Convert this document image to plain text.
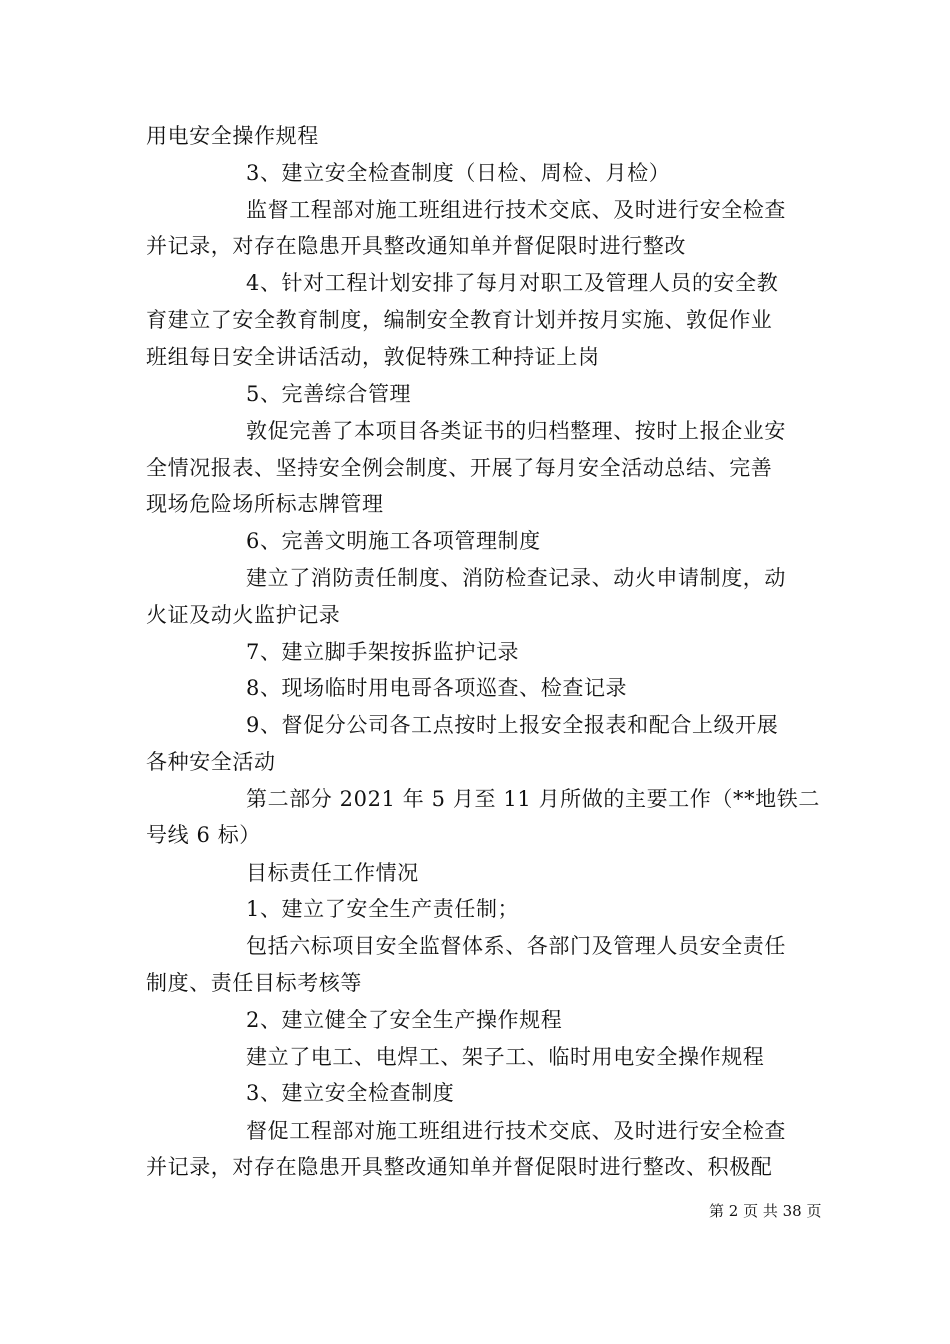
用电安全操作规程
3、建立安全检查制度（日检、周检、月检）
监督工程部对施工班组进行技术交底、及时进行安全检查
并记录，对存在隐患开具整改通知单并督促限时进行整改
4、针对工程计划安排了每月对职工及管理人员的安全教
育建立了安全教育制度，编制安全教育计划并按月实施、敦促作业
班组每日安全讲话活动，敦促特殊工种持证上岗
5、完善综合管理
敦促完善了本项目各类证书的归档整理、按时上报企业安
全情况报表、坚持安全例会制度、开展了每月安全活动总结、完善
现场危险场所标志牌管理
6、完善文明施工各项管理制度
建立了消防责任制度、消防检查记录、动火申请制度，动
火证及动火监护记录
7、建立脚手架按拆监护记录
8、现场临时用电哥各项巡查、检查记录
9、督促分公司各工点按时上报安全报表和配合上级开展
各种安全活动
第二部分 2021 年 5 月至 11 月所做的主要工作（**地铁二
号线 6 标）
目标责任工作情况
1、建立了安全生产责任制；
包括六标项目安全监督体系、各部门及管理人员安全责任
制度、责任目标考核等
2、建立健全了安全生产操作规程
建立了电工、电焊工、架子工、临时用电安全操作规程
3、建立安全检查制度
督促工程部对施工班组进行技术交底、及时进行安全检查
并记录，对存在隐患开具整改通知单并督促限时进行整改、积极配
第 2 页 共 38 页
